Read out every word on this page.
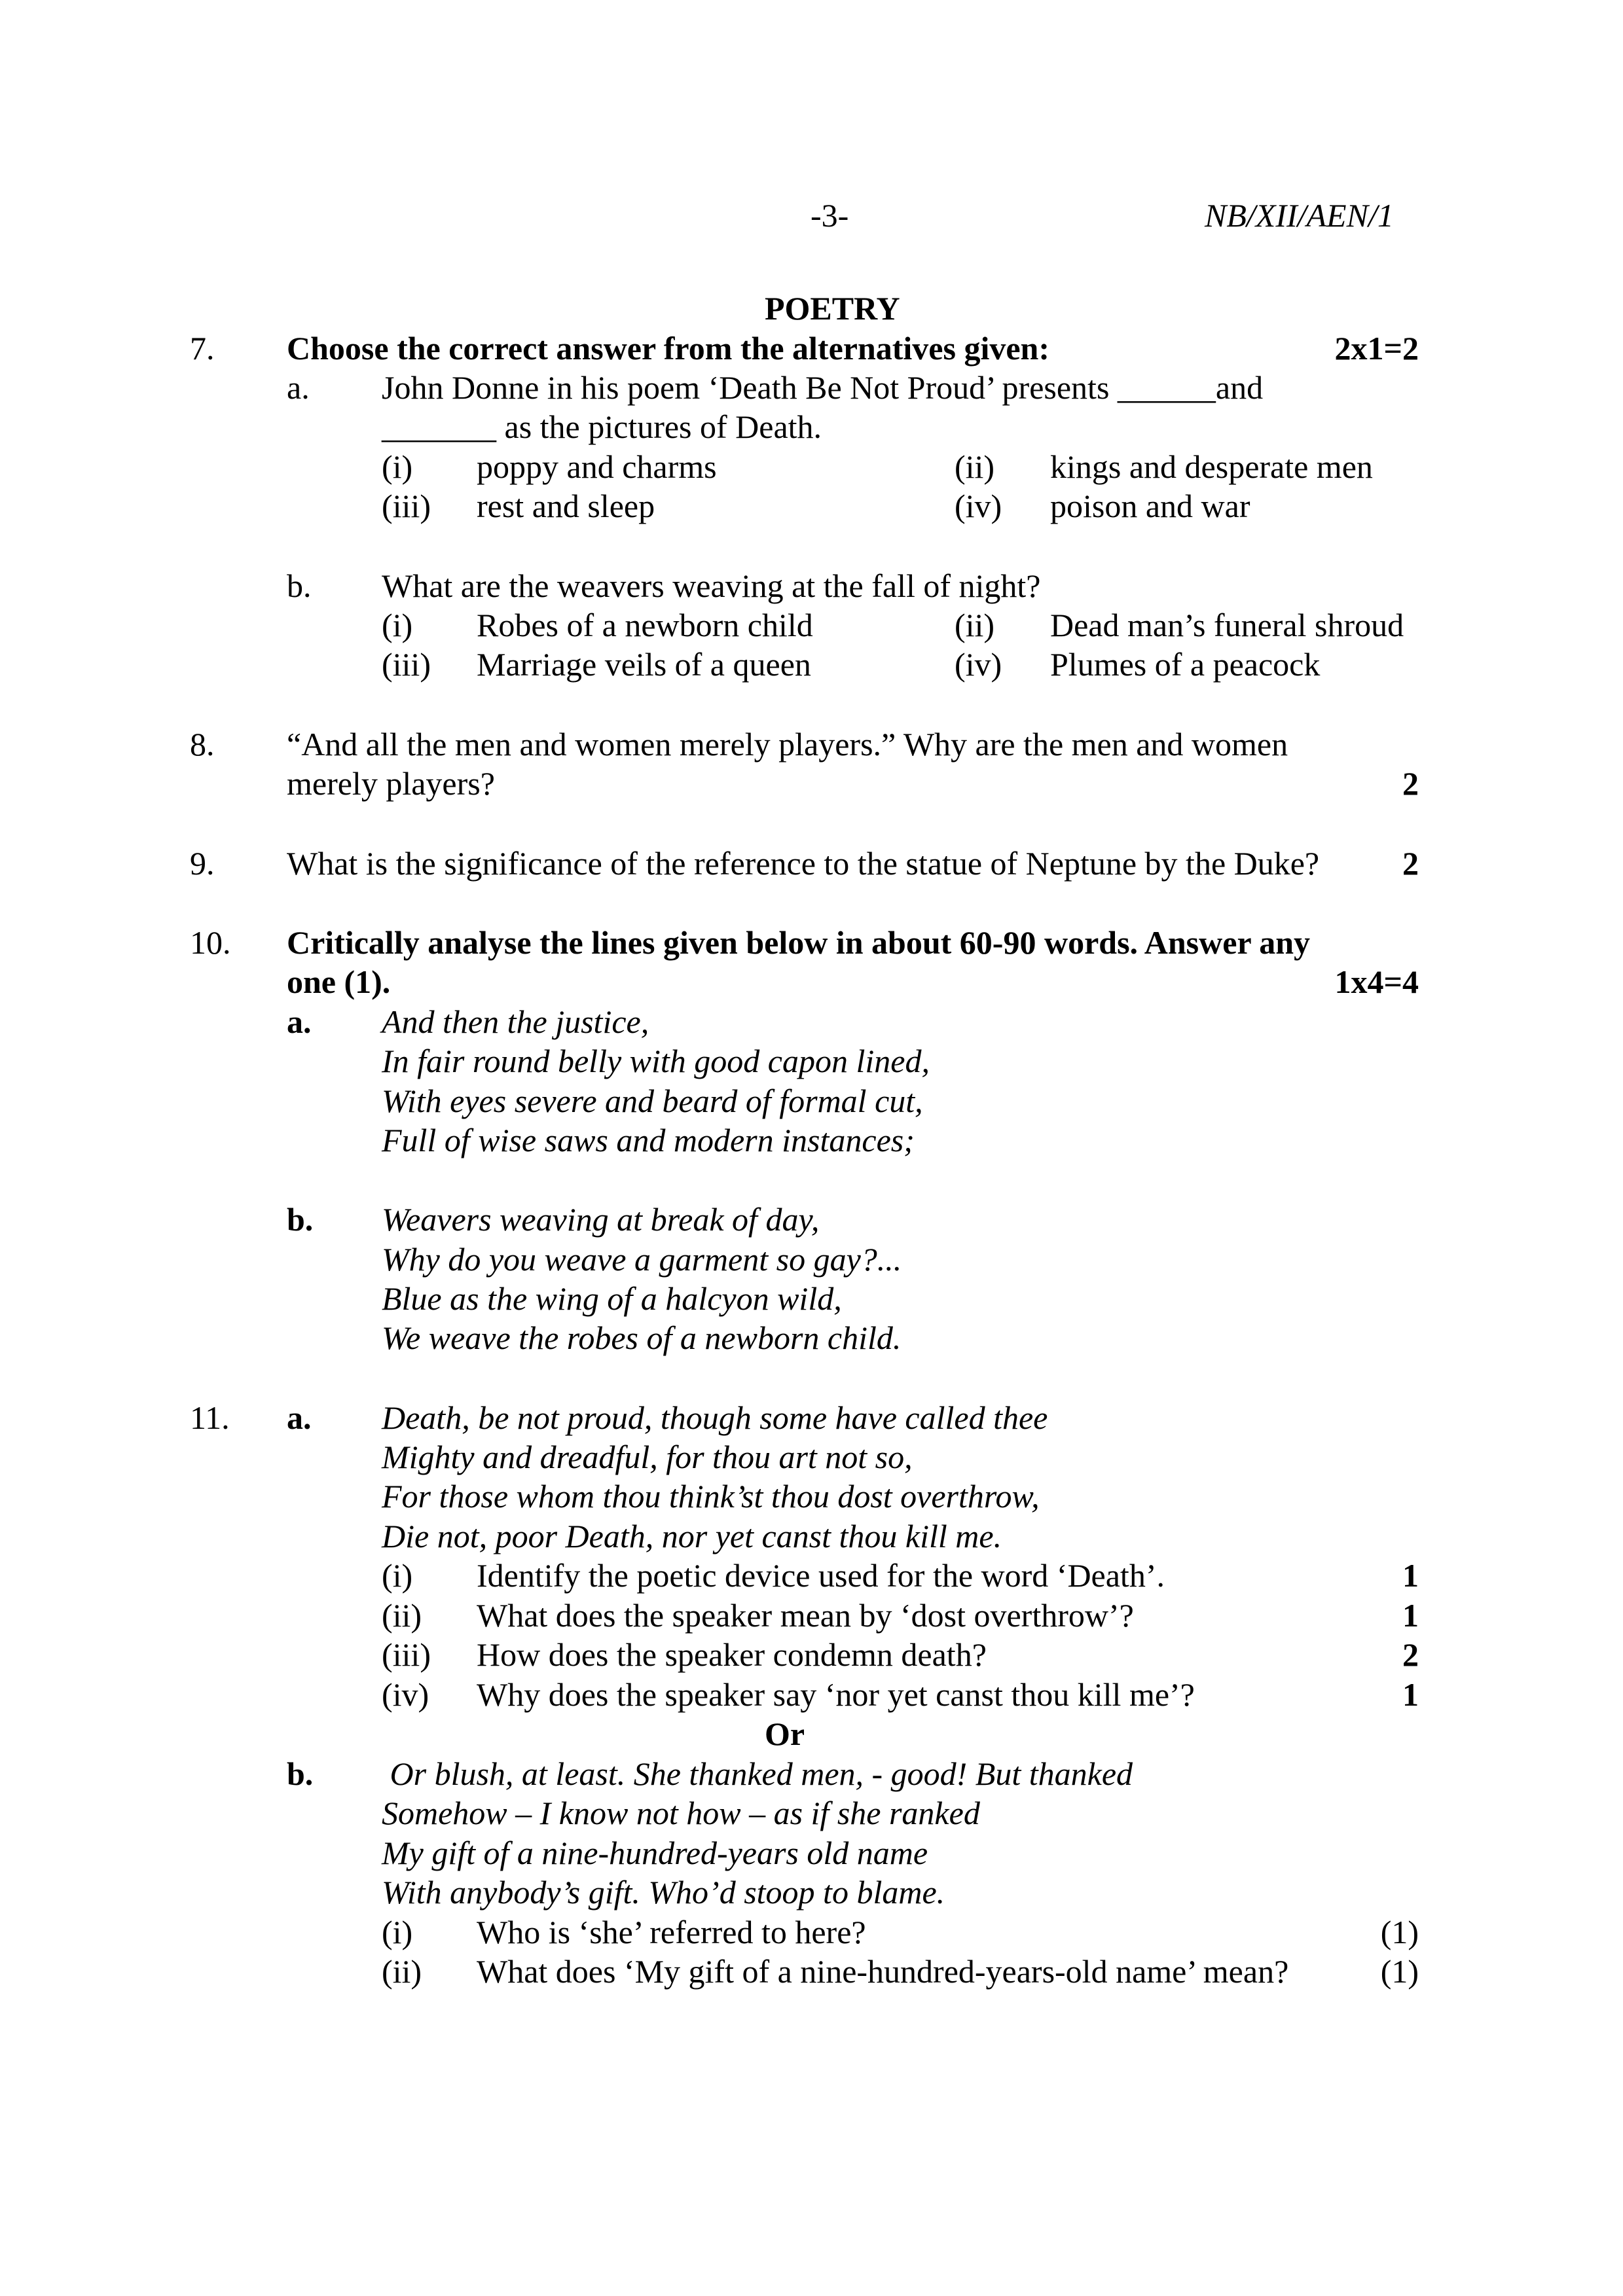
-3-	NB/XII/AEN/1
POETRY
7. Choose the correct answer from the alternatives given:	2x1=2
a. John Donne in his poem ‘Death Be Not Proud’ presents ______and
_______ as the pictures of Death.
(i) poppy and charms	(ii) kings and desperate men
(iii) rest and sleep	(iv) poison and war
b. What are the weavers weaving at the fall of night?
(i) Robes of a newborn child	(ii) Dead man’s funeral shroud
(iii) Marriage veils of a queen	(iv) Plumes of a peacock
8. “And all the men and women merely players.” Why are the men and women
merely players?	2
9. What is the significance of the reference to the statue of Neptune by the Duke?	2
10. Critically analyse the lines given below in about 60-90 words. Answer any
one (1).	1x4=4
a. And then the justice,
In fair round belly with good capon lined,
With eyes severe and beard of formal cut,
Full of wise saws and modern instances;
b. Weavers weaving at break of day,
Why do you weave a garment so gay?...
Blue as the wing of a halcyon wild,
We weave the robes of a newborn child.
11. a. Death, be not proud, though some have called thee
Mighty and dreadful, for thou art not so,
For those whom thou think’st thou dost overthrow,
Die not, poor Death, nor yet canst thou kill me.
(i) Identify the poetic device used for the word ‘Death’.	1
(ii) What does the speaker mean by ‘dost overthrow’?	1
(iii) How does the speaker condemn death?	2
(iv) Why does the speaker say ‘nor yet canst thou kill me’?	1
Or
b. Or blush, at least. She thanked men, - good! But thanked
Somehow – I know not how – as if she ranked
My gift of a nine-hundred-years old name
With anybody’s gift. Who’d stoop to blame.
(i) Who is ‘she’ referred to here?	(1)
(ii) What does ‘My gift of a nine-hundred-years-old name’ mean?	(1)
